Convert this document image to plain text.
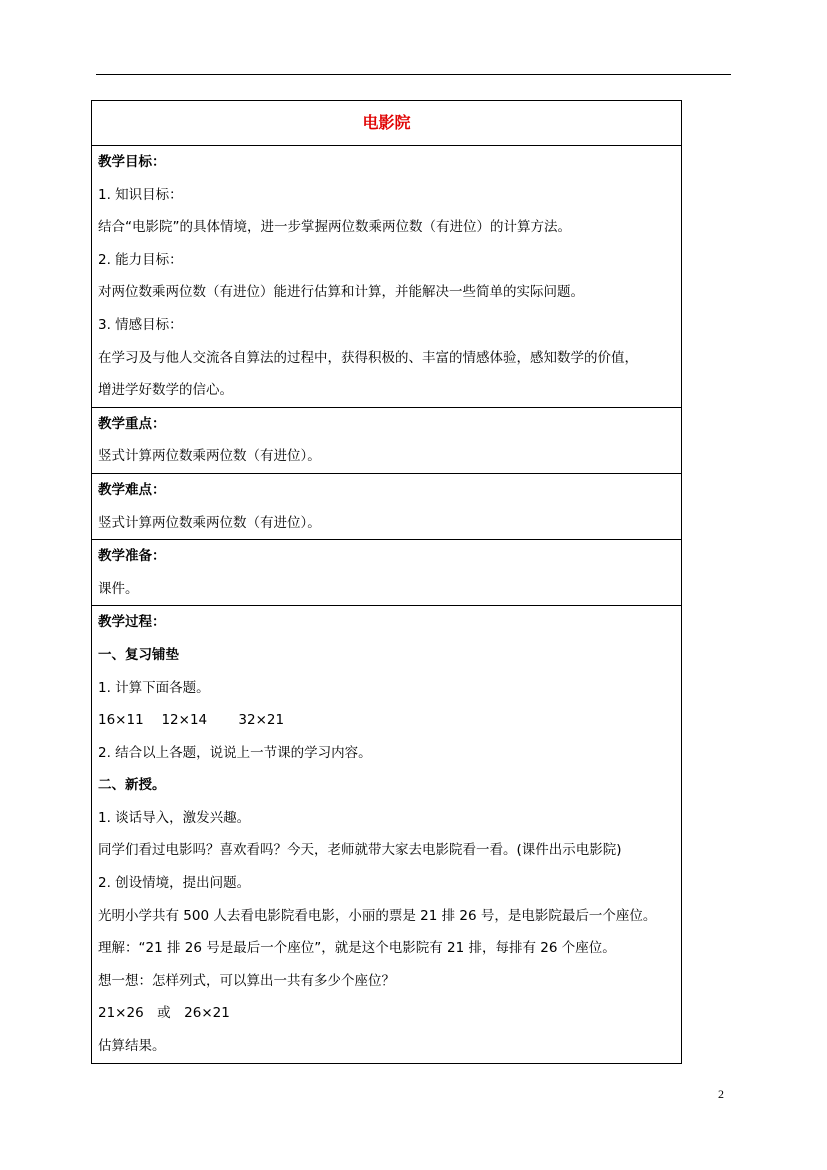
电影院
教学目标：
1. 知识目标：
结合“电影院”的具体情境，进一步掌握两位数乘两位数（有进位）的计算方法。
2. 能力目标：
对两位数乘两位数（有进位）能进行估算和计算，并能解决一些简单的实际问题。
3. 情感目标：
在学习及与他人交流各自算法的过程中，获得积极的、丰富的情感体验，感知数学的价值，
增进学好数学的信心。
教学重点：
竖式计算两位数乘两位数（有进位）。
教学难点：
竖式计算两位数乘两位数（有进位）。
教学准备：
课件。
教学过程：
一、复习铺垫
1. 计算下面各题。
16×11　 12×14　　 32×21
2. 结合以上各题，说说上一节课的学习内容。
二、新授。
1. 谈话导入，激发兴趣。
同学们看过电影吗？喜欢看吗？今天，老师就带大家去电影院看一看。(课件出示电影院)
2. 创设情境，提出问题。
光明小学共有 500 人去看电影院看电影，小丽的票是 21 排 26 号，是电影院最后一个座位。
理解：“21 排 26 号是最后一个座位”，就是这个电影院有 21 排，每排有 26 个座位。
想一想：怎样列式，可以算出一共有多少个座位？
21×26　或　26×21
估算结果。
2
